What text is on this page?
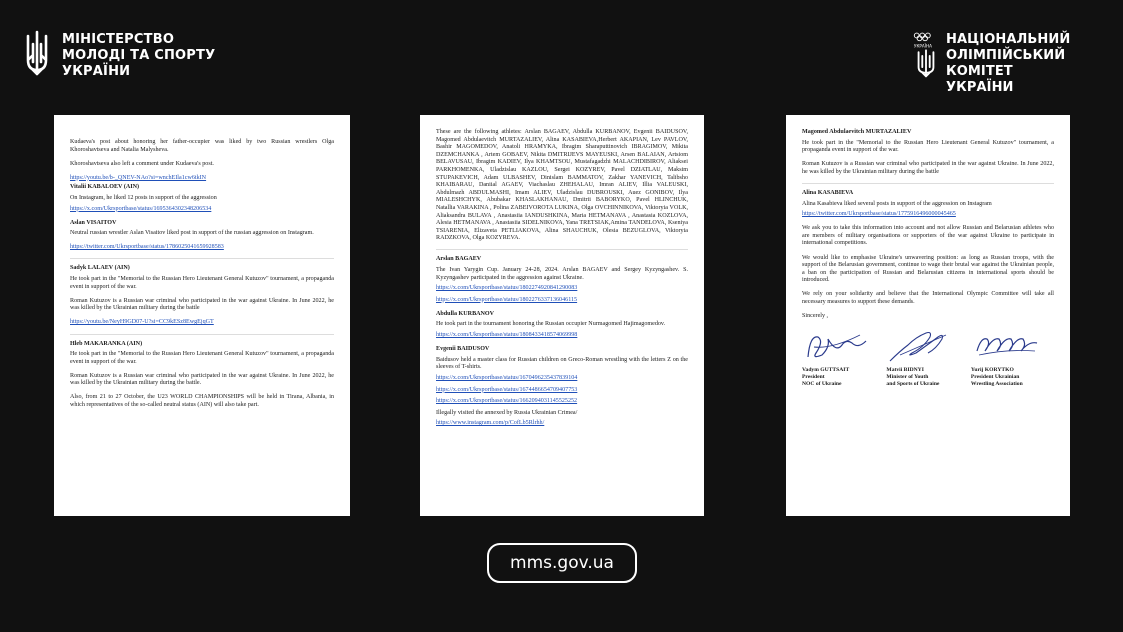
МІНІСТЕРСТВО
МОЛОДІ ТА СПОРТУ
УКРАЇНИ
УКРАЇНА НАЦІОНАЛЬНИЙ
ОЛІМПІЙСЬКИЙ КОМІТЕТ
УКРАЇНИ

Kudaeva's post about honoring her father-occupier was liked by two Russian wrestlers Olga Khoroshavtseva and Natalia Malysheva.

Khoroshavtseva also left a comment under Kudaeva's post.

https://youtu.be/b-_QNEV-NAo?si=wnchEIla1cw6tkIN
Vitalii KABALOEV (AIN)

On Instagram, he liked 12 posts in support of the aggression

https://x.com/Ukrsportbase/status/1695364302348206534
Aslan VISAITOV

Neutral russian wrestler Aslan Visaitov liked post in support of the russian aggression on Instagram.

https://twitter.com/Ukrsportbase/status/1786025041659928583
Sadyk LALAEV (AIN)

He took part in the "Memorial to the Russian Hero Lieutenant General Kutuzov" tournament, a propaganda event in support of the war.

Roman Kutuzov is a Russian war criminal who participated in the war against Ukraine. In June 2022, he was killed by the Ukrainian military during the battle

https://youtu.be/NeyH9GD07-U?si=CC9kESz8EwgEjqGT
Hleb MAKARANKA (AIN)

He took part in the "Memorial to the Russian Hero Lieutenant General Kutuzov" tournament, a propaganda event in support of the war.

Roman Kutuzov is a Russian war criminal who participated in the war against Ukraine. In June 2022, he was killed by the Ukrainian military during the battle.

Also, from 21 to 27 October, the U23 WORLD CHAMPIONSHIPS will be held in Tirana, Albania, in which representatives of the so-called neutral status (AIN) will also take part.

These are the following athletes: Arslan BAGAEV, Abdulla KURBANOV, Evgenii BAIDUSOV, Magomed Abdulaevitch MURTAZALIEV, Alina KASABIEVA,Herbert AKAPIAN, Lev PAVLOV, Bashir MAGOMEDOV, Anatoli HRAMYKA, Ibragim Sharaputtinovich IBRAGIMOV, Mikita DZEMCHANKA , Artem GOBAEV, Nikita DMITRIJEVS MAYEUSKI, Arsen BALAIAN, Artsiom BELAVUSAU, Ibragim KADIEV, Ilya KHAMTSOU, Mustafagadzhi MALACHDIBIROV, Aliaksei PARKHOMENKA, Uladzislau KAZLOU, Sergei KOZYREV, Pavel DZIATLAU, Maksim STUPAKEVICH, Adam ULBASHEV, Dinislam BAMMATOV, Zakhar YANEVICH, Talibsho KHAIBARAU, Daniial AGAEV, Viachaslau ZHEHALAU, Imran ALIEV, Illia VALEUSKI, Abdulmazh ABDULMASHI, Imam ALIEV, Uladzislau DUBROUSKI, Auez GONIBOV, Ilya MIALESHCHYK, Abubakar KHASLAKHANAU, Dmitrii BABORYKO, Pavel HLINCHUK, Natallia VARAKINA , Polina ZABEIVOROTA LUKINA, Olga OVCHINNIKOVA, Viktoryia VOLK, Aliaksandra BULAVA , Anastasiia IANDUSHKINA, Maria HETMANAVA , Anastasia KOZLOVA, Alesia HETMANAVA , Anastasiia SIDELNIKOVA, Yana TRETSIAK,Amina TANDELOVA, Kseniya TSIARENIA, Elizaveta PETLIAKOVA, Alina SHAUCHUK, Olesia BEZUGLOVA, Viktoryia RADZKOVA, Olga KOZYREVA.

Arslan BAGAEV

The Ivan Yarygin Cup. January 24-28, 2024. Arslan BAGAEV and Sergey Kyzyngashev. S. Kyzyngashev participated in the aggression against Ukraine.

https://x.com/Ukrsportbase/status/1802274920841290083
https://x.com/Ukrsportbase/status/1802276337136046115
Abdulla KURBANOV

He took part in the tournament honoring the Russian occupier Nurmagomed Hajimagomedov.

https://x.com/Ukrsportbase/status/1808433418574069998
Evgenii BAIDUSOV

Baidusov held a master class for Russian children on Greco-Roman wrestling with the letters Z on the sleeves of T-shirts.

https://x.com/Ukrsportbase/status/1670496235437839104
https://x.com/Ukrsportbase/status/1674486654709407753
https://x.com/Ukrsportbase/status/1662094031145525252

Illegally visited the annexed by Russia Ukrainian Crimea/

https://www.instagram.com/p/CofLb5Rlrhh/
Magomed Abdulaevitch MURTAZALIEV

He took part in the "Memorial to the Russian Hero Lieutenant General Kutuzov" tournament, a propaganda event in support of the war.

Roman Kutuzov is a Russian war criminal who participated in the war against Ukraine. In June 2022, he was killed by the Ukrainian military during the battle

Alina KASABIEVA

Alina Kasabieva liked several posts in support of the aggression on Instagram

https://twitter.com/Ukrsportbase/status/1775916496000045465

We ask you to take this information into account and not allow Russian and Belarusian athletes who are members of military organisations or supporters of the war against Ukraine to participate in international competitions.

We would like to emphasise Ukraine's unwavering position: as long as Russian troops, with the support of the Belarusian government, continue to wage their brutal war against the Ukrainian people, a ban on the participation of Russian and Belarusian citizens in international sports should be introduced.

We rely on your solidarity and believe that the International Olympic Committee will take all necessary measures to support these demands.

Sincerely ,

Vadym GUTTSAIT
President
NOC of Ukraine
Matvii BIDNYI
Minister of Youth
and Sports of Ukraine
Yurij KORYTKO
President Ukrainian
Wrestling Association
mms.gov.ua
